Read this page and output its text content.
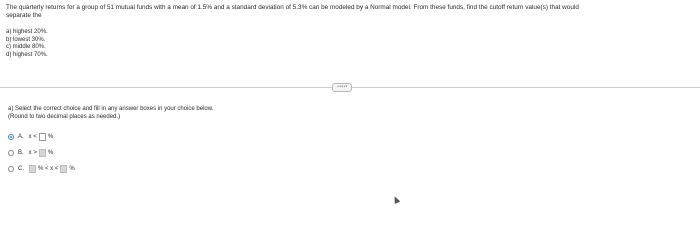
The quarterly returns for a group of 51 mutual funds with a mean of 1.5% and a standard deviation of 5.3% can be modeled by a Normal model. From these funds, find the cutoff return value(s) that would

separate the

a) highest 20%.
b) lowest 30%.
c) middle 80%.
d) highest 70%.
• • • • •

a) Select the correct choice and fill in any answer boxes in your choice below.

(Round to two decimal places as needed.)

A. x < %
B. x > %
C. % < x < %
